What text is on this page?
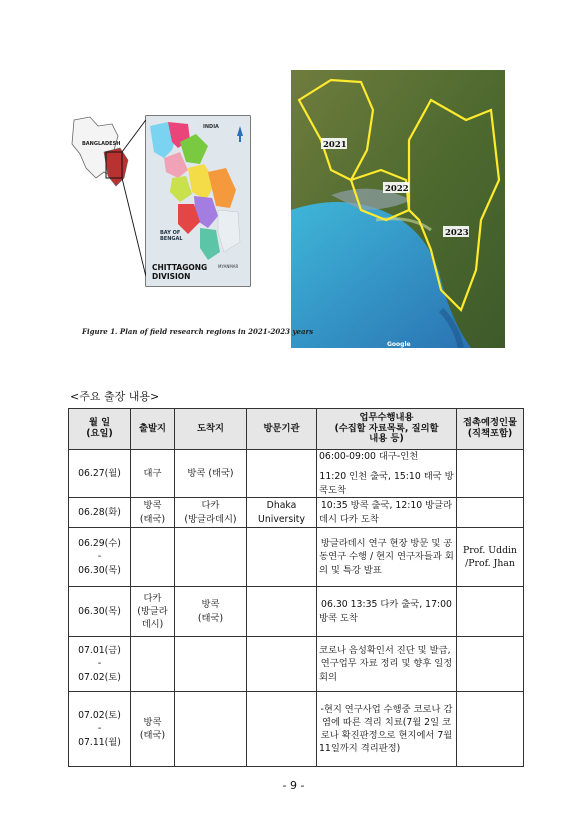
BANGLADESH
INDIA
BAY OF
BENGAL
MYANMAR
CHITTAGONG
DIVISION
2021
2022
2023
Google
Figure 1. Plan of field research regions in 2021-2023 years
<주요 출장 내용>
월 일
(요일)	출발지	도착지	방문기관	업무수행내용
(수집할 자료목록, 질의할
내용 등)	접촉예정인물
(직책포함)

06.27(월)	대구	방콕 (태국)		06:00-09:00 대구-인천
11:20 인천 출국, 15:10 태국 방콕도착	

06.28(화)	방콕
(태국)	다카
(방글라데시)	Dhaka
University	10:35 방콕 출국, 12:10 방글라데시 다카 도착	

06.29(수)
-
06.30(목)				방글라데시 연구 현장 방문 및 공동연구 수행 / 현지 연구자들과 회의 및 특강 발표	Prof. Uddin
/Prof. Jhan

06.30(목)	다카
(방글라
데시)	방콕
(태국)		06.30 13:35 다카 출국, 17:00 방콕 도착	

07.01(금)
-
07.02(토)				코로나 음성확인서 진단 및 발급,
연구업무 자료 정리 및 향후 일정 회의	

07.02(토)
-
07.11(월)	방콕
(태국)			-현지 연구사업 수행중 코로나 감염에 따른 격리 치료(7월 2일 코로나 확진판정으로 현지에서 7월 11일까지 격리판정)	

- 9 -
